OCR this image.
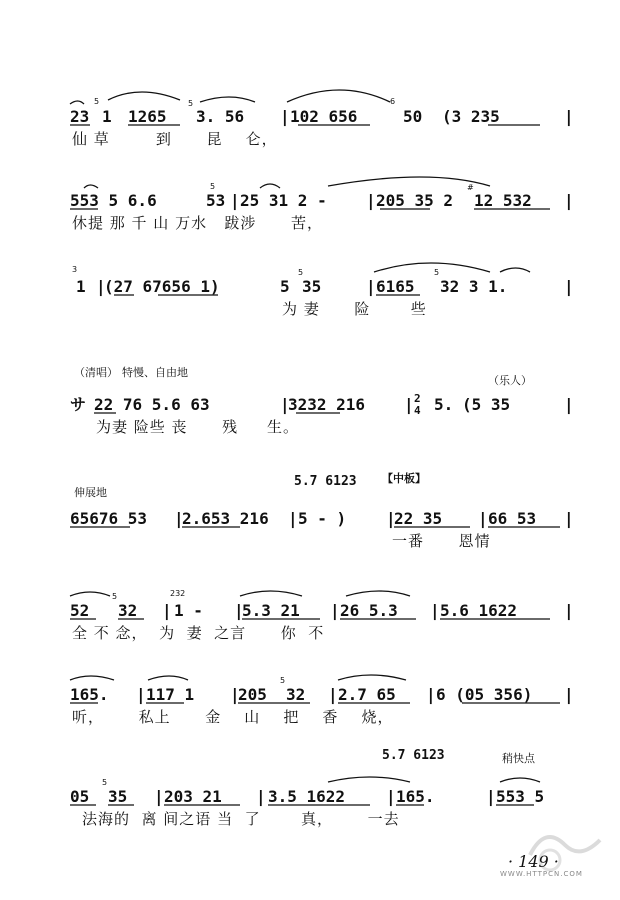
23
5
1 1265
5
3. 56 | 102 656
6
50 (3 235	|
仙 草        到      昆    仑，
553 5 6.6
5
53 | 25 31 2 - | 205 35 2
#
12 532 |
休提 那 千 山 万水   跋涉      苦，
3
1 |
(27 67656 1)	5
5
35	| 6165
5
32 3 1.	|
为 妻      险       些
（清唱） 特慢、自由地
（乐人）
サ 22 76 5.6 63	|
3232 216 | 2
4 5. (5 35	|
为妻 险些 丧      残     生。
伸展地
5.7 6123 【中板】
65676 53 |
2.653 216 | 5 - ) |
22 35 | 66 53 |
一番      恩情
52
5
32 |
232
1 - |
5.3 21 | 26 5.3 | 5.6 1622	|
全 不 念，  为  妻  之言      你  不
165. | 117 1 |
205
5
32 | 2.7 65 | 6 (05 356) |
听，      私上      金    山    把    香    烧，
5.7 6123	稍快点
05
5
35 | 203 21 | 3.5 1622	| 165.	| 553 5
法海的  离 间之语 当  了       真，      一去
WWW.HTTPCN.COM
· 149 ·
